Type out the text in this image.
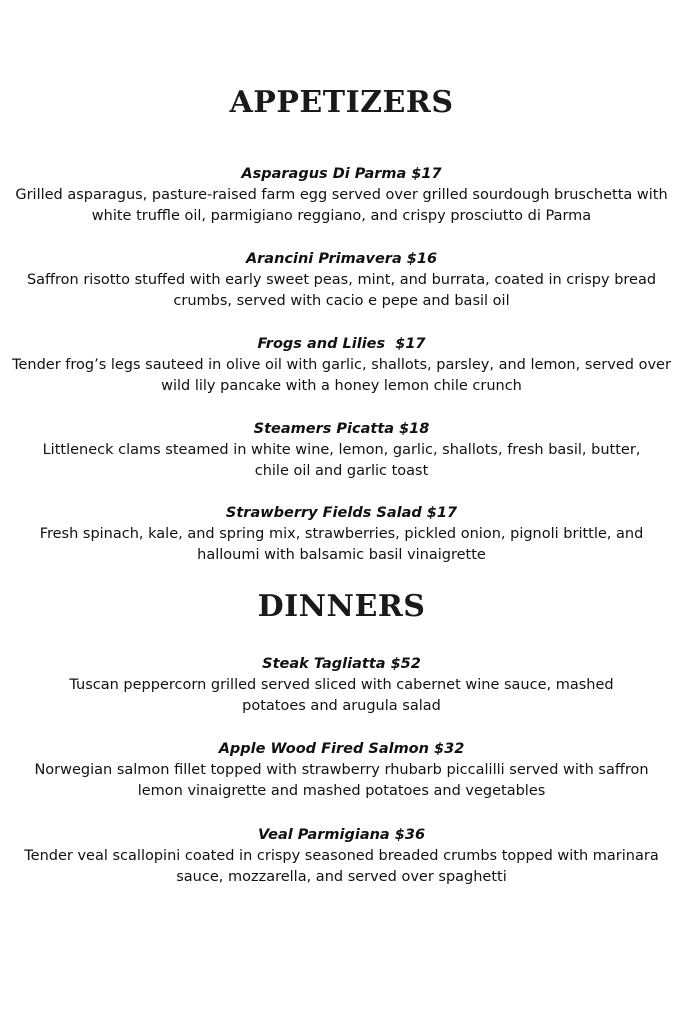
APPETIZERS
Asparagus Di Parma $17
Grilled asparagus, pasture-raised farm egg served over grilled sourdough bruschetta with
white truffle oil, parmigiano reggiano, and crispy prosciutto di Parma
Arancini Primavera $16
Saffron risotto stuffed with early sweet peas, mint, and burrata, coated in crispy bread
crumbs, served with cacio e pepe and basil oil
Frogs and Lilies  $17
Tender frog’s legs sauteed in olive oil with garlic, shallots, parsley, and lemon, served over
wild lily pancake with a honey lemon chile crunch
Steamers Picatta $18
Littleneck clams steamed in white wine, lemon, garlic, shallots, fresh basil, butter,
chile oil and garlic toast
Strawberry Fields Salad $17
Fresh spinach, kale, and spring mix, strawberries, pickled onion, pignoli brittle, and
halloumi with balsamic basil vinaigrette
DINNERS
Steak Tagliatta $52
Tuscan peppercorn grilled served sliced with cabernet wine sauce, mashed
potatoes and arugula salad
Apple Wood Fired Salmon $32
Norwegian salmon fillet topped with strawberry rhubarb piccalilli served with saffron
lemon vinaigrette and mashed potatoes and vegetables
Veal Parmigiana $36
Tender veal scallopini coated in crispy seasoned breaded crumbs topped with marinara
sauce, mozzarella, and served over spaghetti
